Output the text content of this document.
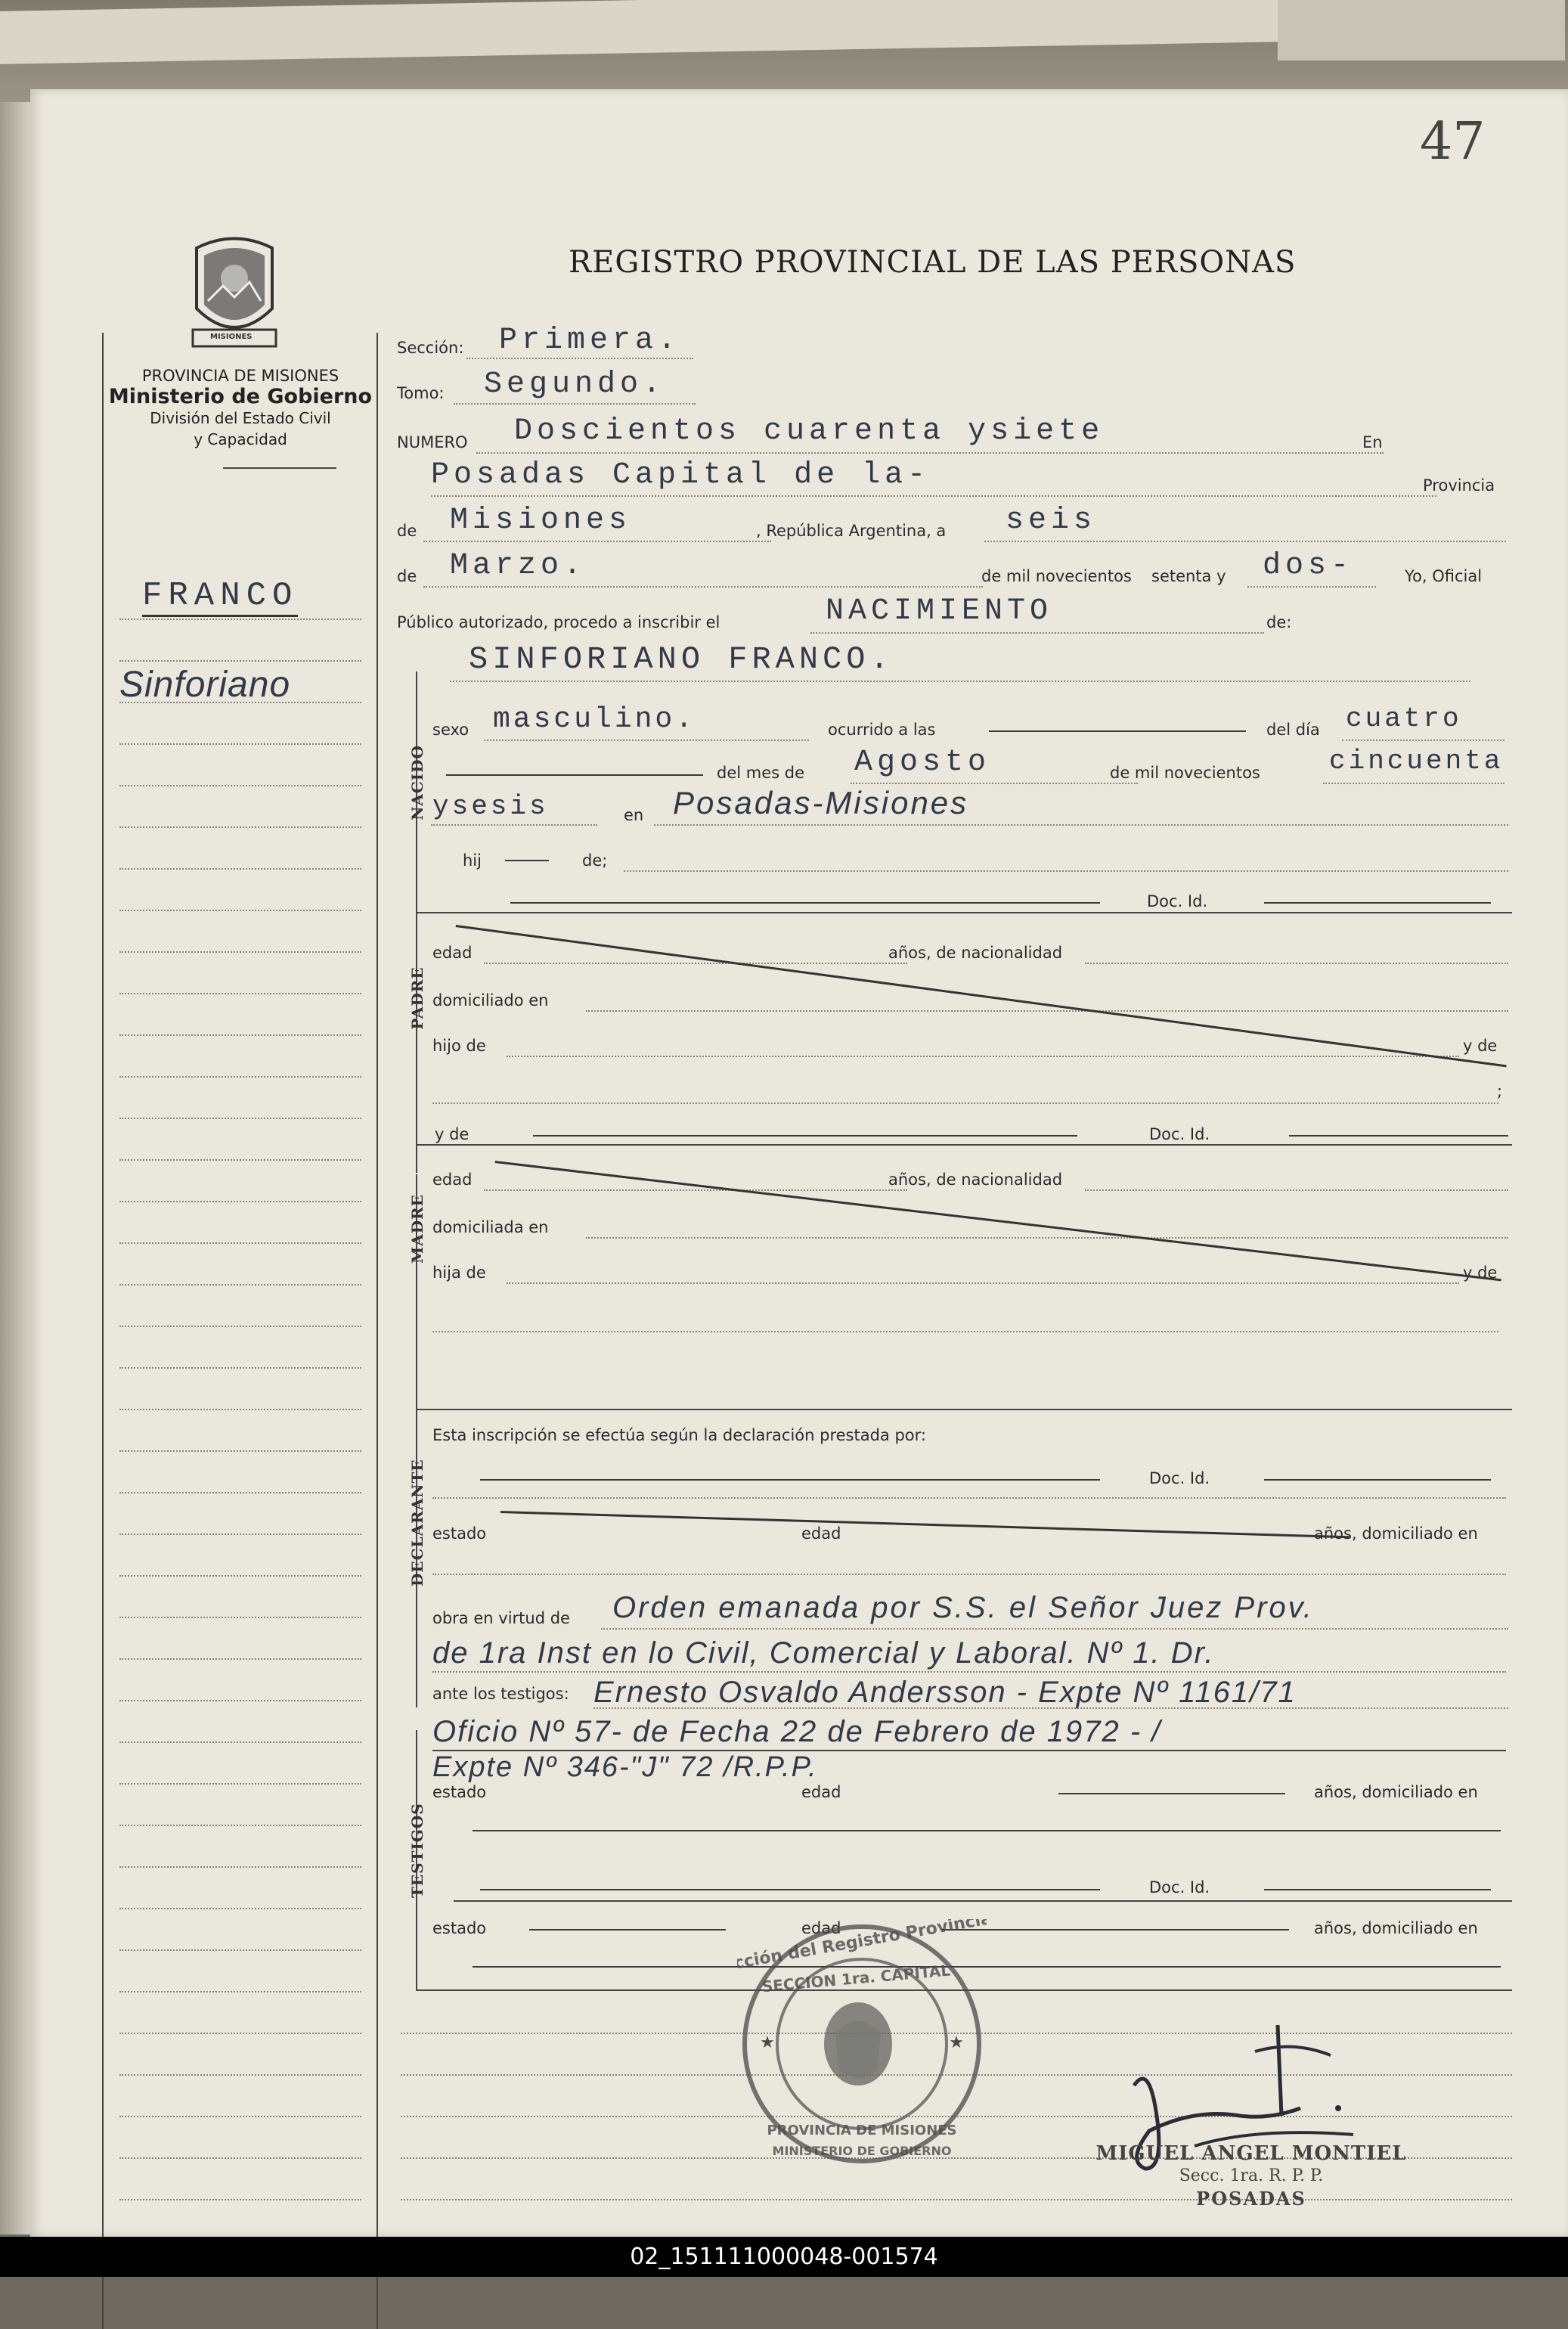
47
REGISTRO PROVINCIAL DE LAS PERSONAS
MISIONES
PROVINCIA DE MISIONES
Ministerio de Gobierno
División del Estado Civil
y Capacidad
FRANCO
Sinforiano
Sección: Primera.
Tomo: Segundo.
NUMERO Doscientos cuarenta ysiete	En
Posadas Capital de la-	Provincia
de Misiones	, República Argentina, a seis
de Marzo.	de mil novecientos setenta y dos-	Yo, Oficial
Público autorizado, procedo a inscribir el	NACIMIENTO	de:
NACIDO
SINFORIANO FRANCO.
sexo masculino.	ocurrido a las	del día cuatro
del mes de Agosto	de mil novecientos	cincuenta
ysesis	en Posadas-Misiones
hij	de;
Doc. Id.
PADRE
edad	años, de nacionalidad
domiciliado en
hijo de	y de
;
MADRE
y de	Doc. Id.
edad	años, de nacionalidad
domiciliada en
hija de	y de
DECLARANTE
Esta inscripción se efectúa según la declaración prestada por:
Doc. Id.
estado	edad	años, domiciliado en
obra en virtud de Orden emanada por S.S. el Señor Juez Prov.
de 1ra Inst en lo Civil, Comercial y Laboral. Nº 1. Dr.
ante los testigos: Ernesto Osvaldo Andersson - Expte Nº 1161/71
TESTIGOS
Oficio Nº 57- de Fecha 22 de Febrero de 1972 - /
Expte Nº 346-"J" 72 /R.P.P.
estado	edad	años, domiciliado en
Doc. Id.
estado	edad	años, domiciliado en
Dirección del Registro Provincial
SECCION 1ra. CAPITAL
PROVINCIA DE MISIONES
MINISTERIO DE GOBIERNO
★	★
MIGUEL ANGEL MONTIEL
Secc. 1ra. R. P. P.
POSADAS
02_151111000048-001574
